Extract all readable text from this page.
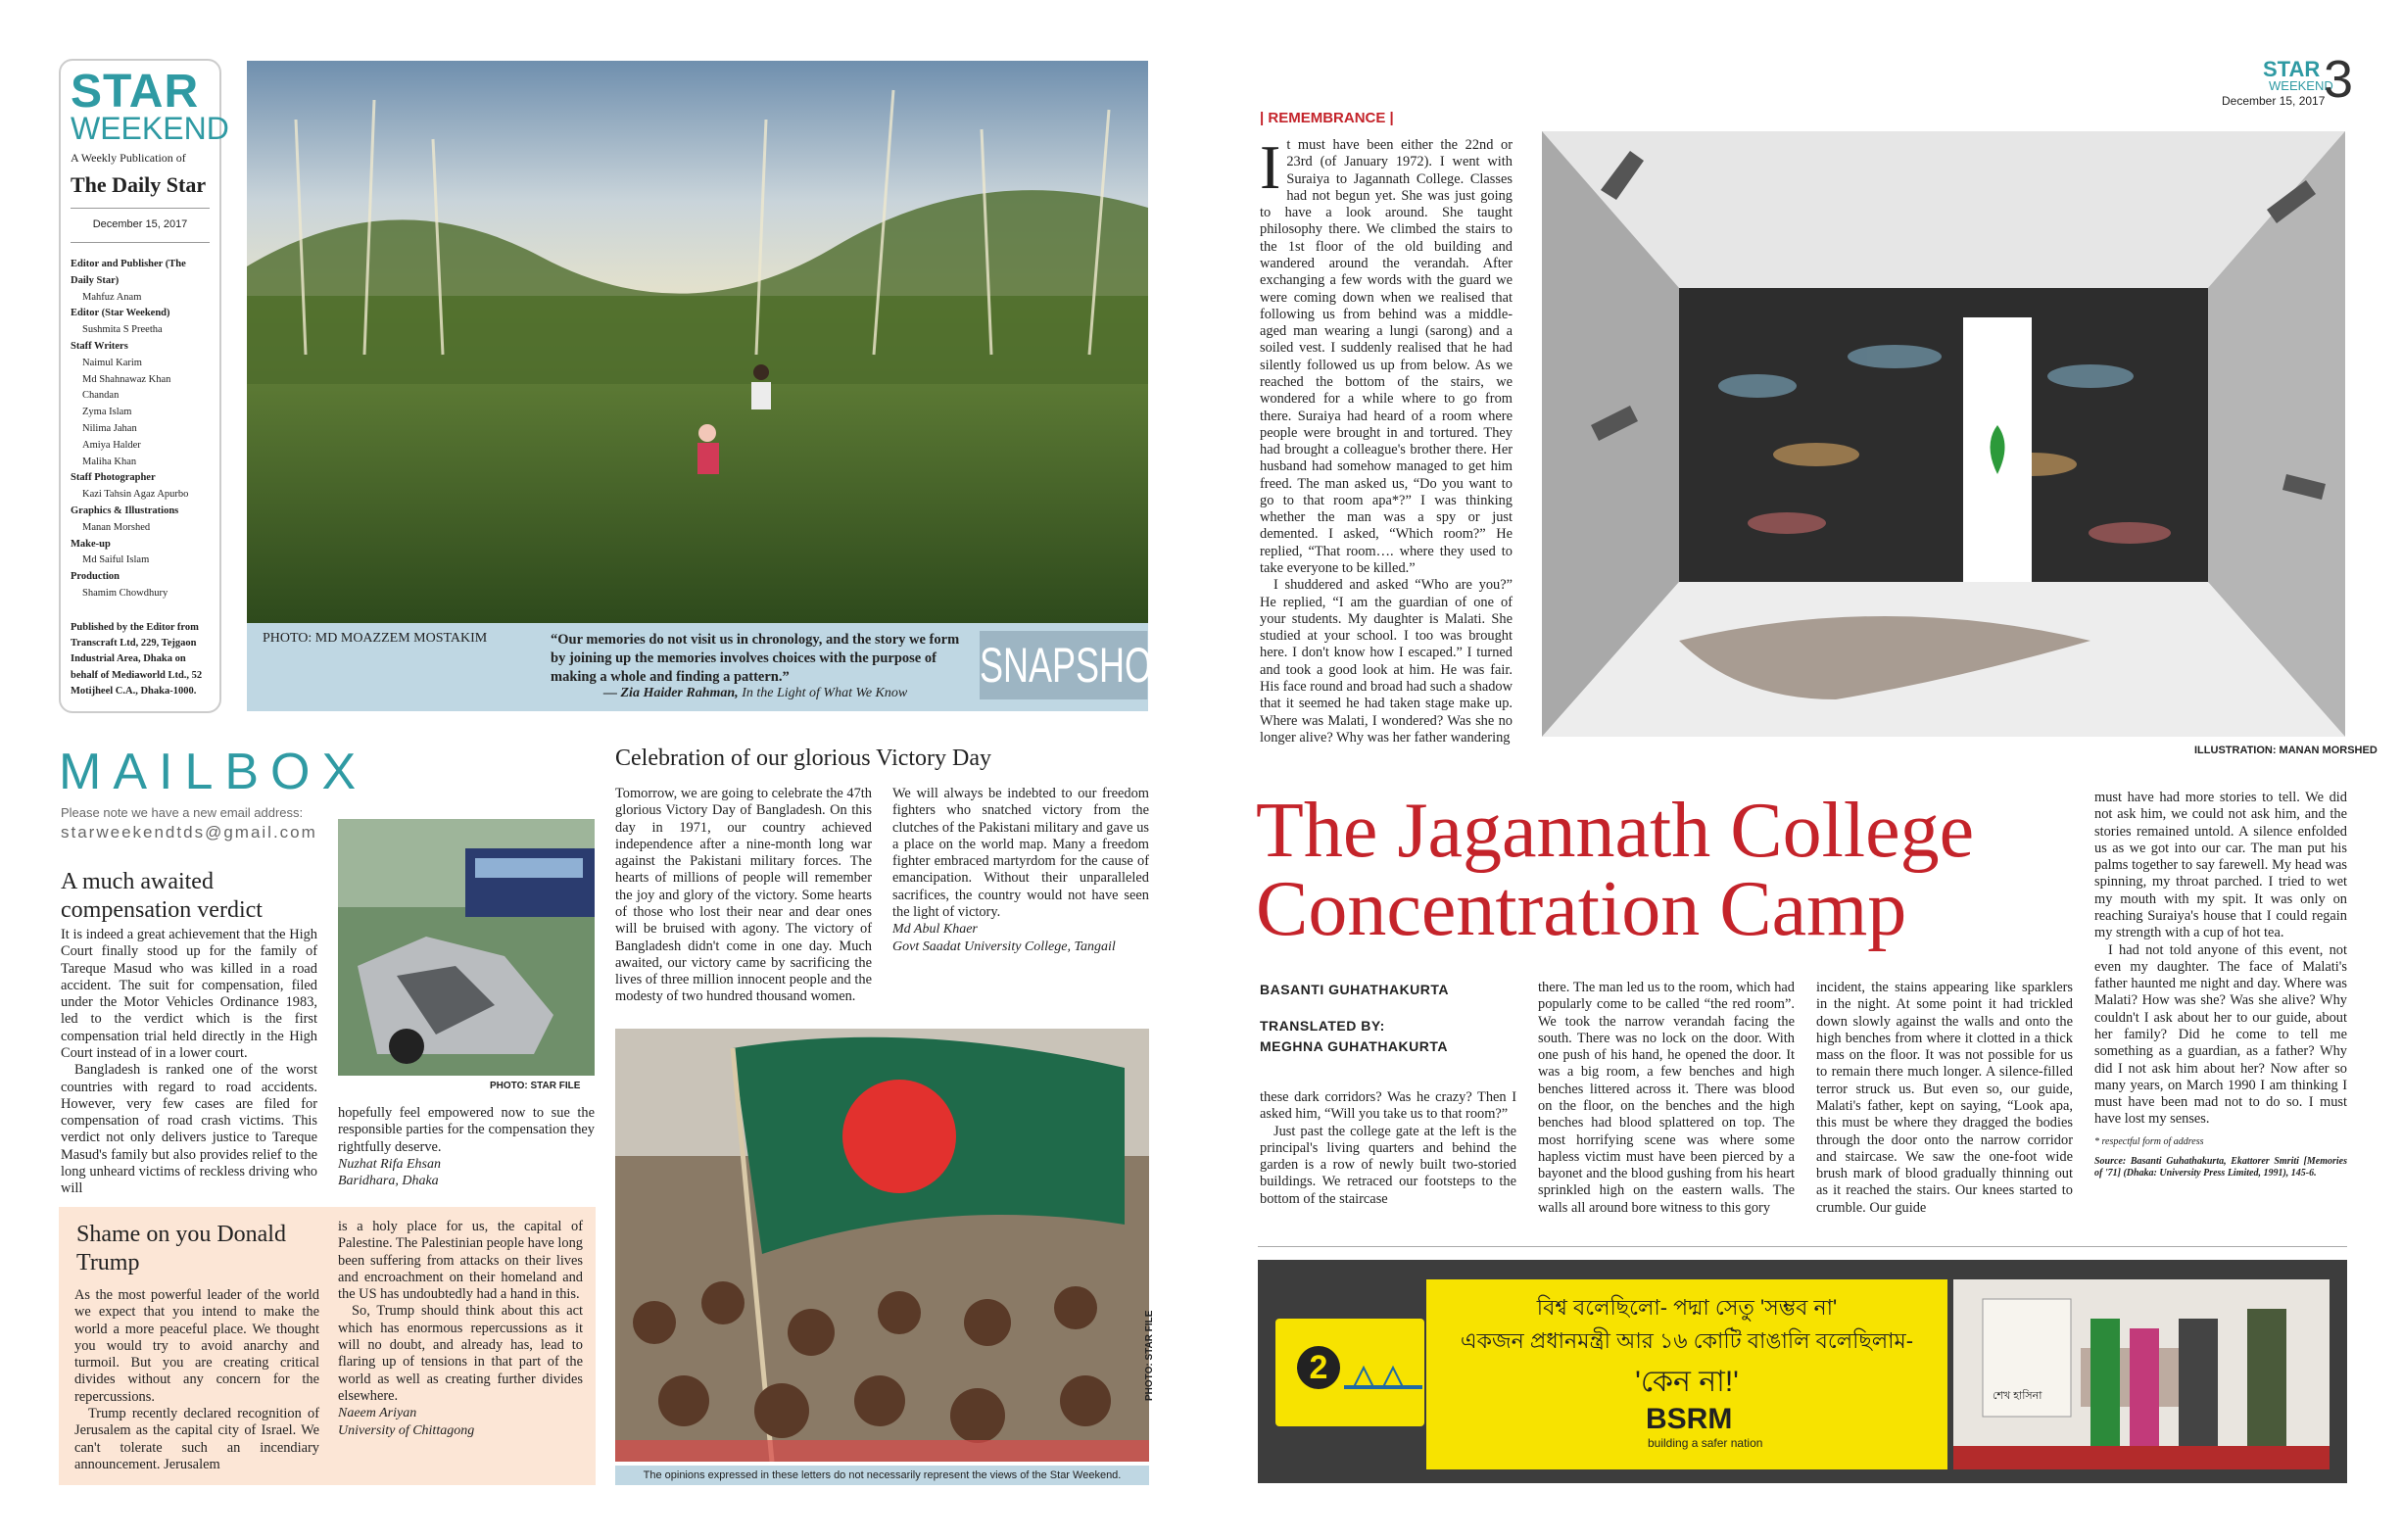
STAR
WEEKEND
A Weekly Publication of
The Daily Star
December 15, 2017
Editor and Publisher (The Daily Star)
Mahfuz Anam
Editor (Star Weekend)
Sushmita S Preetha
Staff Writers
Naimul Karim
Md Shahnawaz Khan Chandan
Zyma Islam
Nilima Jahan
Amiya Halder
Maliha Khan
Staff Photographer
Kazi Tahsin Agaz Apurbo
Graphics & Illustrations
Manan Morshed
Make-up
Md Saiful Islam
Production
Shamim Chowdhury
Published by the Editor from Transcraft Ltd, 229, Tejgaon Industrial Area, Dhaka on behalf of Mediaworld Ltd., 52 Motijheel C.A., Dhaka-1000.
PHOTO: MD MOAZZEM MOSTAKIM	“Our memories do not visit us in chronology, and the story we form by joining up the memories involves choices with the purpose of making a whole and finding a pattern.”
— Zia Haider Rahman, In the Light of What We Know
SNAPSHOT
MAILBOX
Please note we have a new email address:
starweekendtds@gmail.com
A much awaited compensation verdict
It is indeed a great achievement that the High Court finally stood up for the family of Tareque Masud who was killed in a road accident. The suit for compensation, filed under the Motor Vehicles Ordinance 1983, led to the verdict which is the first compensation trial held directly in the High Court instead of in a lower court.
Bangladesh is ranked one of the worst countries with regard to road accidents. However, very few cases are filed for compensation of road crash victims. This verdict not only delivers justice to Tareque Masud's family but also provides relief to the long unheard victims of reckless driving who will
PHOTO: STAR FILE
hopefully feel empowered now to sue the responsible parties for the compensation they rightfully deserve.
Nuzhat Rifa Ehsan
Baridhara, Dhaka
Shame on you Donald Trump
As the most powerful leader of the world we expect that you intend to make the world a more peaceful place. We thought you would try to avoid anarchy and turmoil. But you are creating critical divides without any concern for the repercussions.
Trump recently declared recognition of Jerusalem as the capital city of Israel. We can't tolerate such an incendiary announcement. Jerusalem
is a holy place for us, the capital of Palestine. The Palestinian people have long been suffering from attacks on their lives and encroachment on their homeland and the US has undoubtedly had a hand in this.
So, Trump should think about this act which has enormous repercussions as it will no doubt, and already has, lead to flaring up of tensions in that part of the world as well as creating further divides elsewhere.
Naeem Ariyan
University of Chittagong
Celebration of our glorious Victory Day
Tomorrow, we are going to celebrate the 47th glorious Victory Day of Bangladesh. On this day in 1971, our country achieved independence after a nine-month long war against the Pakistani military forces. The hearts of millions of people will remember the joy and glory of the victory. Some hearts of those who lost their near and dear ones will be bruised with agony. The victory of Bangladesh didn't come in one day. Much awaited, our victory came by sacrificing the lives of three million innocent people and the modesty of two hundred thousand women.
We will always be indebted to our freedom fighters who snatched victory from the clutches of the Pakistani military and gave us a place on the world map. Many a freedom fighter embraced martyrdom for the cause of emancipation. Without their unparalleled sacrifices, the country would not have seen the light of victory.
Md Abul Khaer
Govt Saadat University College, Tangail
PHOTO: STAR FILE
The opinions expressed in these letters do not necessarily represent the views of the Star Weekend.
STAR
WEEKEND
December 15, 2017
3
| REMEMBRANCE |
It must have been either the 22nd or 23rd (of January 1972). I went with Suraiya to Jagannath College. Classes had not begun yet. She was just going to have a look around. She taught philosophy there. We climbed the stairs to the 1st floor of the old building and wandered around the verandah. After exchanging a few words with the guard we were coming down when we realised that following us from behind was a middle-aged man wearing a lungi (sarong) and a soiled vest. I suddenly realised that he had silently followed us up from below. As we reached the bottom of the stairs, we wondered for a while where to go from there. Suraiya had heard of a room where people were brought in and tortured. They had brought a colleague's brother there. Her husband had somehow managed to get him freed. The man asked us, “Do you want to go to that room apa*?” I was thinking whether the man was a spy or just demented. I asked, “Which room?” He replied, “That room…. where they used to take everyone to be killed.”
I shuddered and asked “Who are you?” He replied, “I am the guardian of one of your students. My daughter is Malati. She studied at your school. I too was brought here. I don't know how I escaped.” I turned and took a good look at him. He was fair. His face round and broad had such a shadow that it seemed he had taken stage make up. Where was Malati, I wondered? Was she no longer alive? Why was her father wandering
ILLUSTRATION: MANAN MORSHED
The Jagannath College Concentration Camp
BASANTI GUHATHAKURTA
TRANSLATED BY:
MEGHNA GUHATHAKURTA
these dark corridors? Was he crazy? Then I asked him, “Will you take us to that room?”
Just past the college gate at the left is the principal's living quarters and behind the garden is a row of newly built two-storied buildings. We retraced our footsteps to the bottom of the staircase
there. The man led us to the room, which had popularly come to be called “the red room”. We took the narrow verandah facing the south. There was no lock on the door. With one push of his hand, he opened the door. It was a big room, a few benches and high benches littered across it. There was blood on the floor, on the benches and the high benches had blood splattered on top. The most horrifying scene was where some hapless victim must have been pierced by a bayonet and the blood gushing from his heart sprinkled high on the eastern walls. The walls all around bore witness to this gory
incident, the stains appearing like sparklers in the night. At some point it had trickled down slowly against the walls and onto the high benches from where it clotted in a thick mass on the floor. It was not possible for us to remain there much longer. A silence-filled terror struck us. But even so, our guide, Malati's father, kept on saying, “Look apa, this must be where they dragged the bodies through the door onto the narrow corridor and staircase. We saw the one-foot wide brush mark of blood gradually thinning out as it reached the stairs. Our knees started to crumble. Our guide
must have had more stories to tell. We did not ask him, we could not ask him, and the stories remained untold. A silence enfolded us as we got into our car. The man put his palms together to say farewell. My head was spinning, my throat parched. I tried to wet my mouth with my spit. It was only on reaching Suraiya's house that I could regain my strength with a cup of hot tea.
I had not told anyone of this event, not even my daughter. The face of Malati's father haunted me night and day. Where was Malati? How was she? Was she alive? Why couldn't I ask about her to our guide, about her family? Did he come to tell me something as a guardian, as a father? Why did I not ask him about her? Now after so many years, on March 1990 I am thinking I must have been mad not to do so. I must have lost my senses.
* respectful form of address
Source: Basanti Guhathakurta, Ekattorer Smriti [Memories of '71] (Dhaka: University Press Limited, 1991), 145-6.
2
বিশ্ব বলেছিলো- পদ্মা সেতু 'সম্ভব না'
একজন প্রধানমন্ত্রী আর ১৬ কোটি বাঙালি বলেছিলাম-
'কেন না!'
BSRM
building a safer nation
শেখ হাসিনা
